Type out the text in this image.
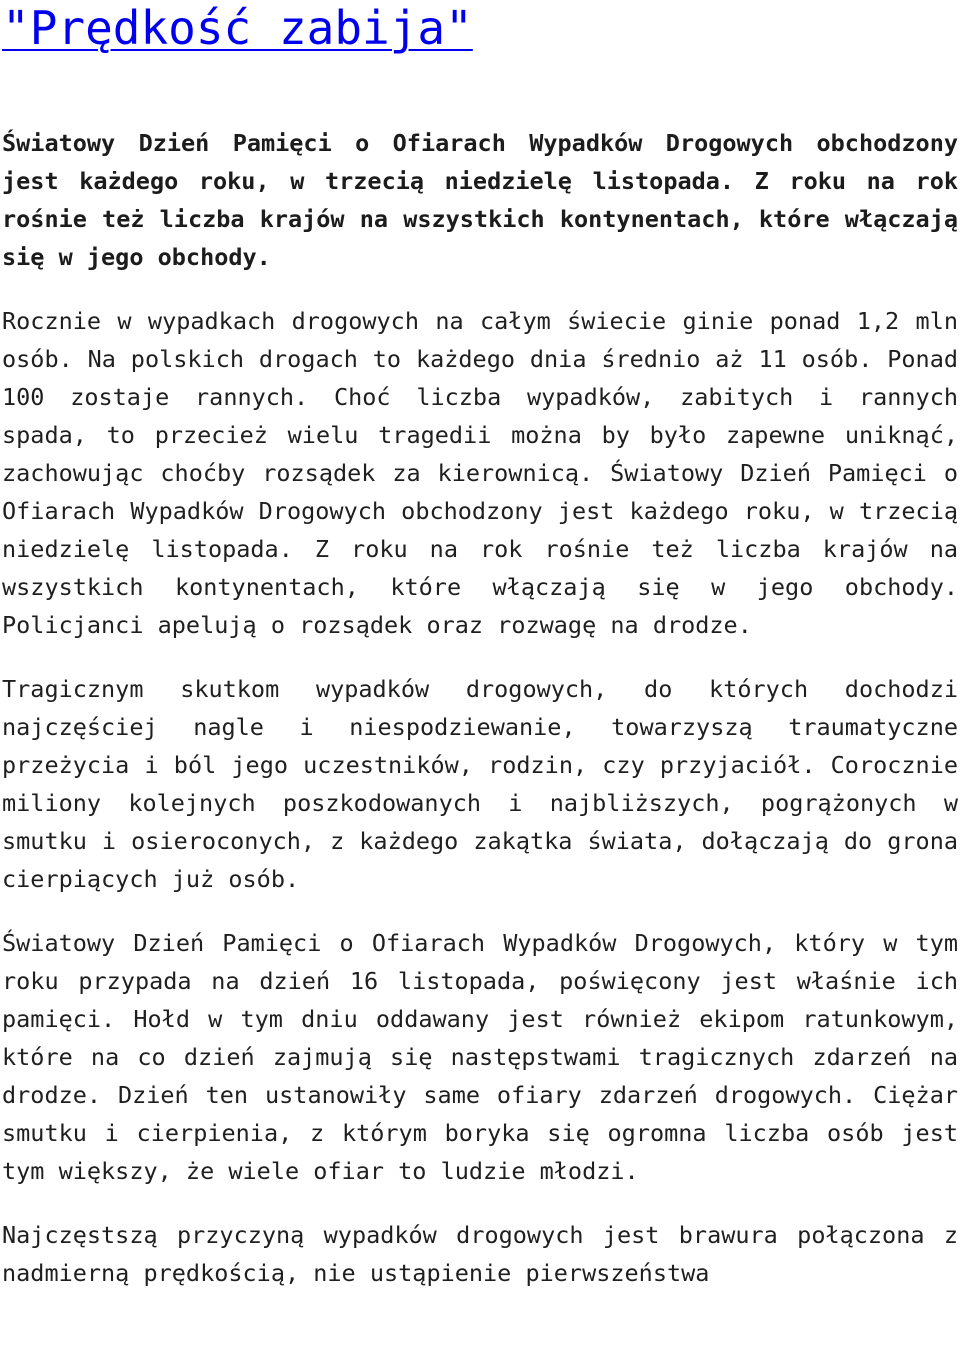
"Prędkość zabija"

Światowy Dzień Pamięci o Ofiarach Wypadków Drogowych obchodzony jest każdego roku, w trzecią niedzielę listopada. Z roku na rok rośnie też liczba krajów na wszystkich kontynentach, które włączają się w jego obchody.

Rocznie w wypadkach drogowych na całym świecie ginie ponad 1,2 mln osób. Na polskich drogach to każdego dnia średnio aż 11 osób. Ponad 100 zostaje rannych. Choć liczba wypadków, zabitych i rannych spada, to przecież wielu tragedii można by było zapewne uniknąć, zachowując choćby rozsądek za kierownicą. Światowy Dzień Pamięci o Ofiarach Wypadków Drogowych obchodzony jest każdego roku, w trzecią niedzielę listopada. Z roku na rok rośnie też liczba krajów na wszystkich kontynentach, które włączają się w jego obchody. Policjanci apelują o rozsądek oraz rozwagę na drodze.

Tragicznym skutkom wypadków drogowych, do których dochodzi najczęściej nagle i niespodziewanie, towarzyszą traumatyczne przeżycia i ból jego uczestników, rodzin, czy przyjaciół. Corocznie miliony kolejnych poszkodowanych i najbliższych, pogrążonych w smutku i osieroconych, z każdego zakątka świata, dołączają do grona cierpiących już osób.

Światowy Dzień Pamięci o Ofiarach Wypadków Drogowych, który w tym roku przypada na dzień 16 listopada, poświęcony jest właśnie ich pamięci. Hołd w tym dniu oddawany jest również ekipom ratunkowym, które na co dzień zajmują się następstwami tragicznych zdarzeń na drodze. Dzień ten ustanowiły same ofiary zdarzeń drogowych. Ciężar smutku i cierpienia, z którym boryka się ogromna liczba osób jest tym większy, że wiele ofiar to ludzie młodzi.

Najczęstszą przyczyną wypadków drogowych jest brawura połączona z nadmierną prędkością, nie ustąpienie pierwszeństwa
